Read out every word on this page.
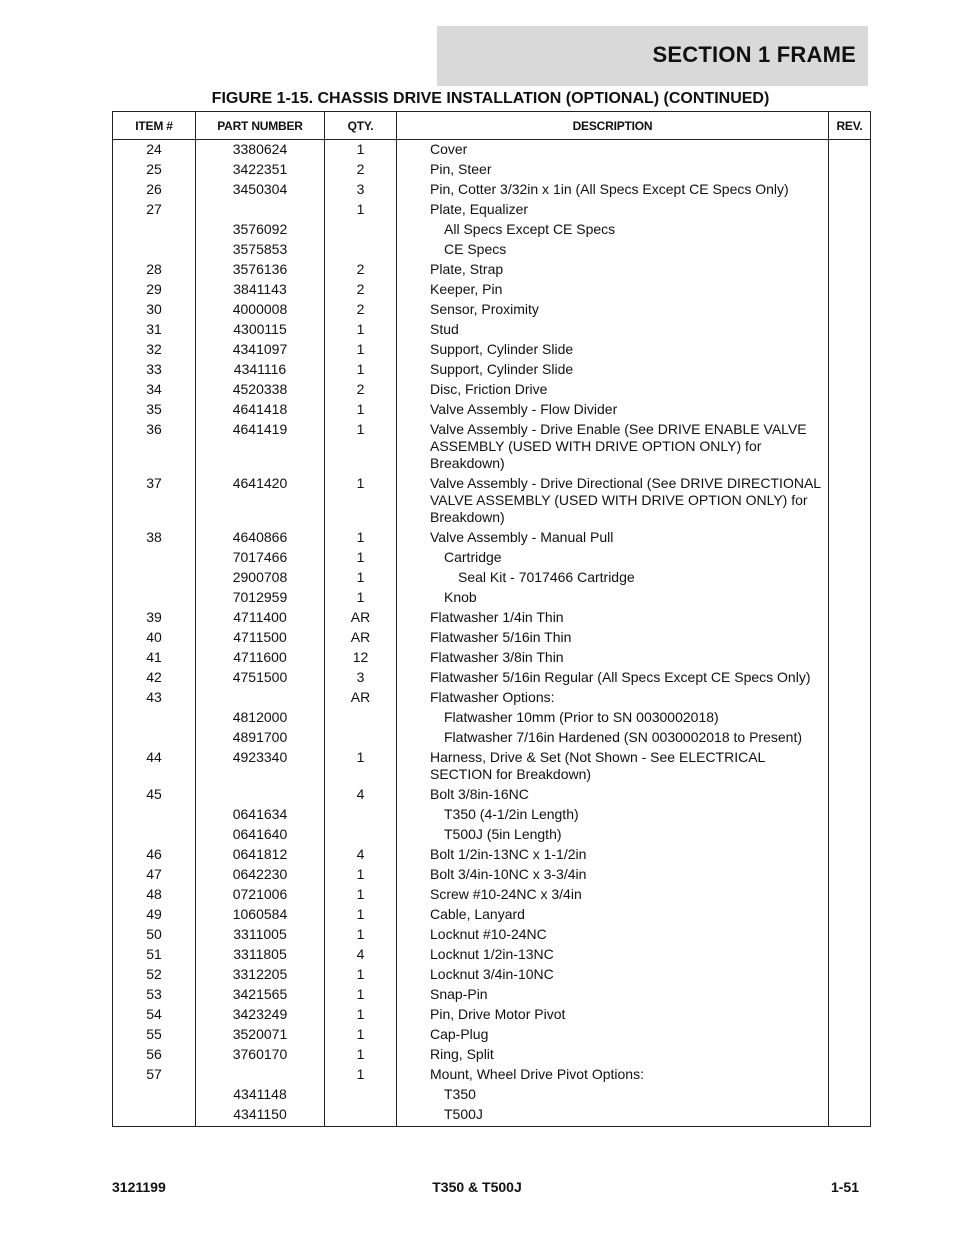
SECTION 1 FRAME
FIGURE 1-15. CHASSIS DRIVE INSTALLATION (OPTIONAL) (CONTINUED)
ITEM #	PART NUMBER	QTY.	DESCRIPTION	REV.
24	3380624	1	Cover	

25	3422351	2	Pin, Steer	

26	3450304	3	Pin, Cotter 3/32in x 1in (All Specs Except CE Specs Only)	

27		1	Plate, Equalizer	

	3576092		All Specs Except CE Specs	

	3575853		CE Specs	

28	3576136	2	Plate, Strap	

29	3841143	2	Keeper, Pin	

30	4000008	2	Sensor, Proximity	

31	4300115	1	Stud	

32	4341097	1	Support, Cylinder Slide	

33	4341116	1	Support, Cylinder Slide	

34	4520338	2	Disc, Friction Drive	

35	4641418	1	Valve Assembly - Flow Divider	

36	4641419	1	Valve Assembly - Drive Enable (See DRIVE ENABLE VALVE ASSEMBLY (USED WITH DRIVE OPTION ONLY) for Breakdown)	

37	4641420	1	Valve Assembly - Drive Directional (See DRIVE DIRECTIONAL VALVE ASSEMBLY (USED WITH DRIVE OPTION ONLY) for Breakdown)	

38	4640866	1	Valve Assembly - Manual Pull	

	7017466	1	Cartridge	

	2900708	1	Seal Kit - 7017466 Cartridge	

	7012959	1	Knob	

39	4711400	AR	Flatwasher 1/4in Thin	

40	4711500	AR	Flatwasher 5/16in Thin	

41	4711600	12	Flatwasher 3/8in Thin	

42	4751500	3	Flatwasher 5/16in Regular (All Specs Except CE Specs Only)	

43		AR	Flatwasher Options:	

	4812000		Flatwasher 10mm (Prior to SN 0030002018)	

	4891700		Flatwasher 7/16in Hardened (SN 0030002018 to Present)	

44	4923340	1	Harness, Drive & Set (Not Shown - See ELECTRICAL SECTION for Breakdown)	

45		4	Bolt 3/8in-16NC	

	0641634		T350 (4-1/2in Length)	

	0641640		T500J (5in Length)	

46	0641812	4	Bolt 1/2in-13NC x 1-1/2in	

47	0642230	1	Bolt 3/4in-10NC x 3-3/4in	

48	0721006	1	Screw #10-24NC x 3/4in	

49	1060584	1	Cable, Lanyard	

50	3311005	1	Locknut #10-24NC	

51	3311805	4	Locknut 1/2in-13NC	

52	3312205	1	Locknut 3/4in-10NC	

53	3421565	1	Snap-Pin	

54	3423249	1	Pin, Drive Motor Pivot	

55	3520071	1	Cap-Plug	

56	3760170	1	Ring, Split	

57		1	Mount, Wheel Drive Pivot Options:	

	4341148		T350	

	4341150		T500J	

3121199	T350 & T500J	1-51
